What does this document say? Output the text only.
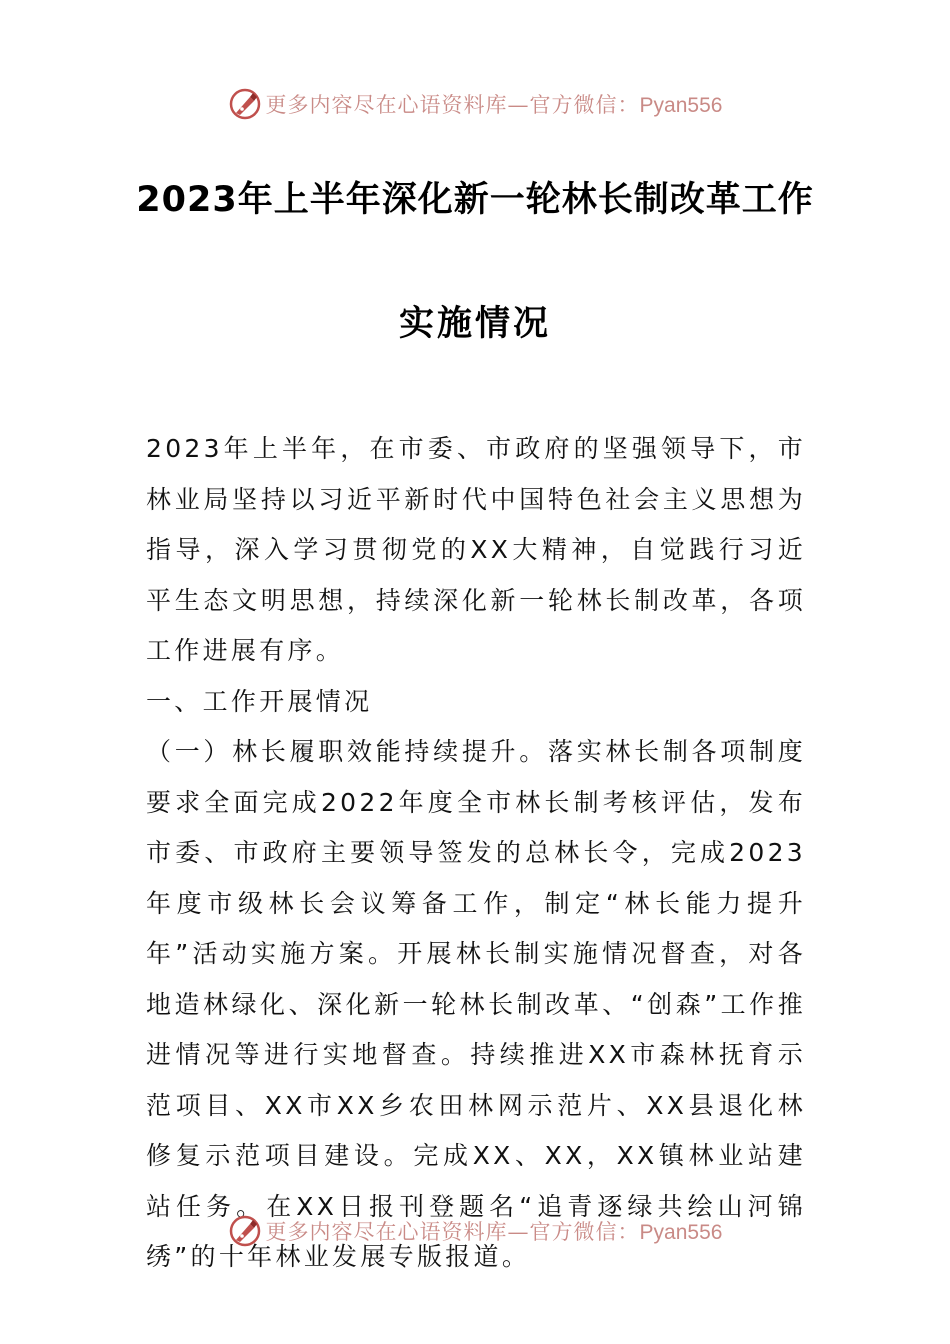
更多内容尽在心语资料库—官方微信：Pyan556
2023年上半年深化新一轮林长制改革工作
实施情况

2023年上半年，在市委、市政府的坚强领导下，市林业局坚持以习近平新时代中国特色社会主义思想为指导，深入学习贯彻党的XX大精神，自觉践行习近平生态文明思想，持续深化新一轮林长制改革，各项工作进展有序。

一、工作开展情况

（一）林长履职效能持续提升。落实林长制各项制度要求全面完成2022年度全市林长制考核评估，发布市委、市政府主要领导签发的总林长令，完成2023年度市级林长会议筹备工作，制定“林长能力提升年”活动实施方案。开展林长制实施情况督查，对各地造林绿化、深化新一轮林长制改革、“创森”工作推进情况等进行实地督查。持续推进XX市森林抚育示范项目、XX市XX乡农田林网示范片、XX县退化林修复示范项目建设。完成XX、XX，XX镇林业站建站任务。在XX日报刊登题名“追青逐绿共绘山河锦绣”的十年林业发展专版报道。

更多内容尽在心语资料库—官方微信：Pyan556
